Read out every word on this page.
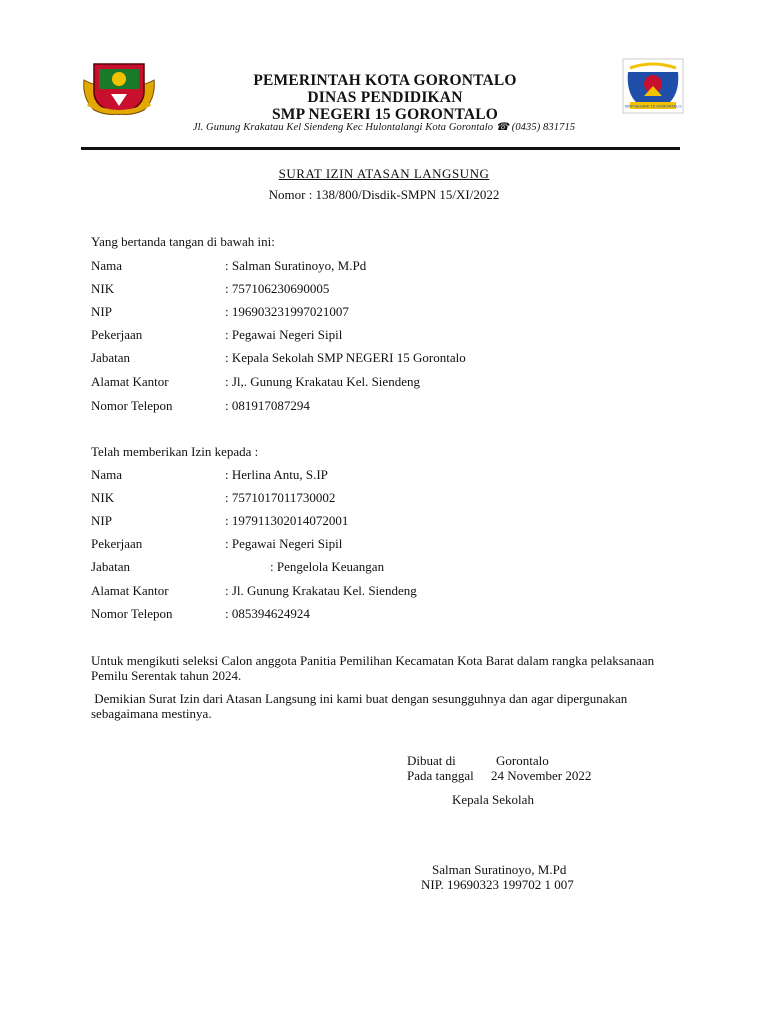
SMP NEGERI 15 GORONTALO
PEMERINTAH KOTA GORONTALO
DINAS PENDIDIKAN
SMP NEGERI 15 GORONTALO
Jl. Gunung Krakatau Kel Siendeng Kec Hulontalangi Kota Gorontalo ☎ (0435) 831715
SURAT IZIN ATASAN LANGSUNG
Nomor : 138/800/Disdik-SMPN 15/XI/2022
Yang bertanda tangan di bawah ini:
Nama	: Salman Suratinoyo, M.Pd
NIK	: 757106230690005
NIP	: 196903231997021007
Pekerjaan	: Pegawai Negeri Sipil
Jabatan	: Kepala Sekolah SMP NEGERI 15 Gorontalo
Alamat Kantor	: Jl,. Gunung Krakatau Kel. Siendeng
Nomor Telepon	: 081917087294
Telah memberikan Izin kepada :
Nama	: Herlina Antu, S.IP
NIK	: 7571017011730002
NIP	: 197911302014072001
Pekerjaan	: Pegawai Negeri Sipil
Jabatan	: Pengelola Keuangan
Alamat Kantor	: Jl. Gunung Krakatau Kel. Siendeng
Nomor Telepon	: 085394624924
Untuk mengikuti seleksi Calon anggota Panitia Pemilihan Kecamatan Kota Barat dalam rangka pelaksanaan Pemilu Serentak tahun 2024.
Demikian Surat Izin dari Atasan Langsung ini kami buat dengan sesungguhnya dan agar dipergunakan sebagaimana mestinya.
Dibuat di	Gorontalo
Pada tanggal 24 November 2022
Kepala Sekolah
Salman Suratinoyo, M.Pd
NIP. 19690323 199702 1 007
